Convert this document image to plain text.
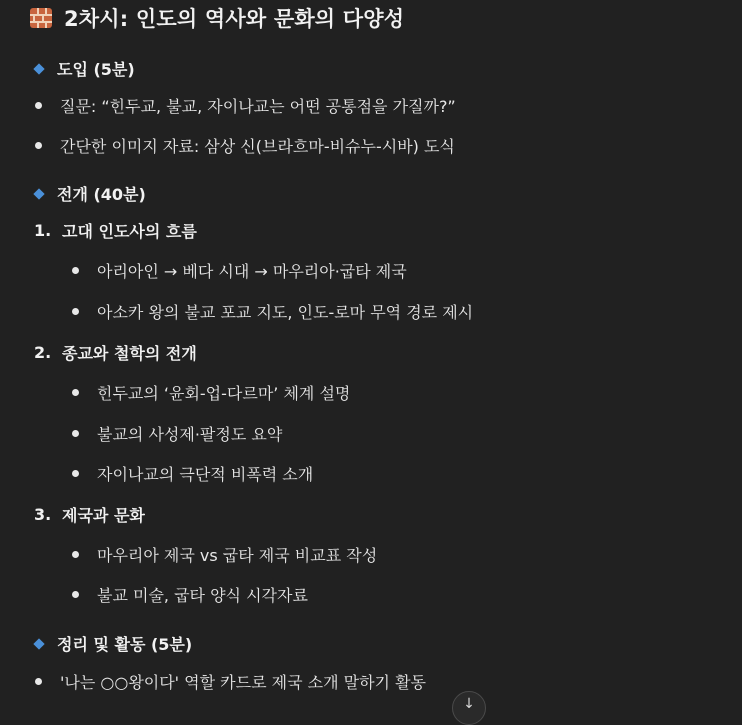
2차시: 인도의 역사와 문화의 다양성
도입 (5분)
질문: “힌두교, 불교, 자이나교는 어떤 공통점을 가질까?”
간단한 이미지 자료: 삼상 신(브라흐마-비슈누-시바) 도식
전개 (40분)
1. 고대 인도사의 흐름
아리아인 → 베다 시대 → 마우리아·굽타 제국
아소카 왕의 불교 포교 지도, 인도-로마 무역 경로 제시
2. 종교와 철학의 전개
힌두교의 ‘윤회-업-다르마’ 체계 설명
불교의 사성제·팔정도 요약
자이나교의 극단적 비폭력 소개
3. 제국과 문화
마우리아 제국 vs 굽타 제국 비교표 작성
불교 미술, 굽타 양식 시각자료
정리 및 활동 (5분)
'나는 ○○왕이다' 역할 카드로 제국 소개 말하기 활동
↓
